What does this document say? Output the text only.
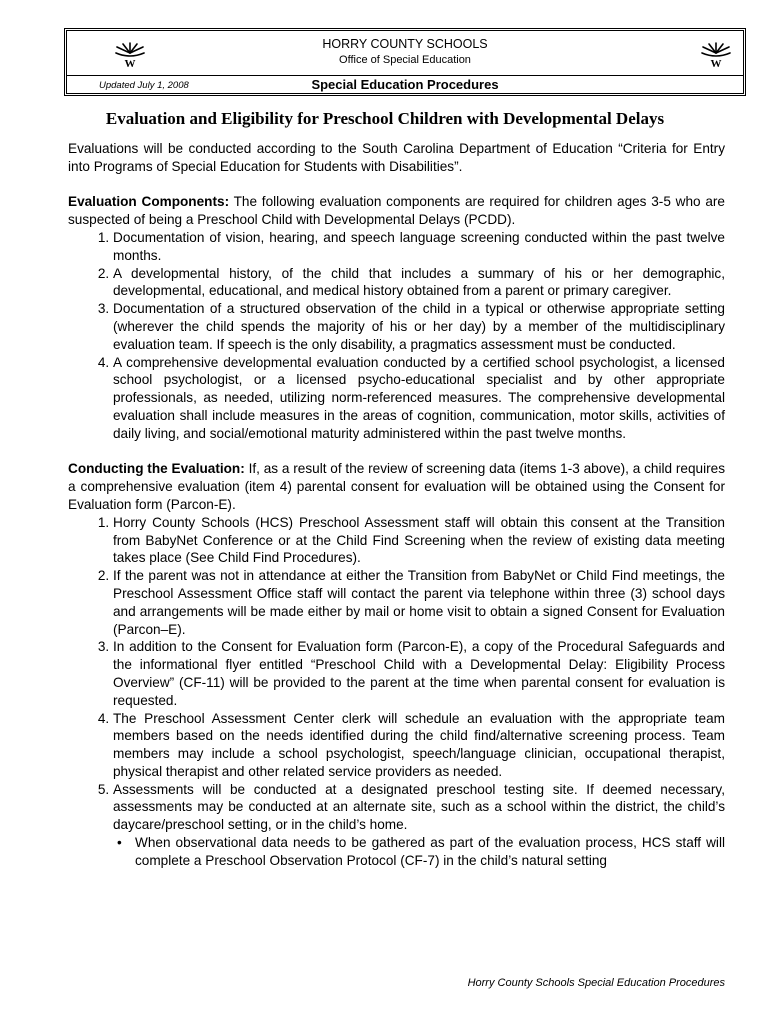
W	W
HORRY COUNTY SCHOOLS
Office of Special Education
Updated July 1, 2008	Special Education Procedures
Evaluation and Eligibility for Preschool Children with Developmental Delays

Evaluations will be conducted according to the South Carolina Department of Education “Criteria for Entry into Programs of Special Education for Students with Disabilities”.

Evaluation Components: The following evaluation components are required for children ages 3-5 who are suspected of being a Preschool Child with Developmental Delays (PCDD).

1. Documentation of vision, hearing, and speech language screening conducted within the past twelve months.
2. A developmental history, of the child that includes a summary of his or her demographic, developmental, educational, and medical history obtained from a parent or primary caregiver.
3. Documentation of a structured observation of the child in a typical or otherwise appropriate setting (wherever the child spends the majority of his or her day) by a member of the multidisciplinary evaluation team. If speech is the only disability, a pragmatics assessment must be conducted.
4. A comprehensive developmental evaluation conducted by a certified school psychologist, a licensed school psychologist, or a licensed psycho-educational specialist and by other appropriate professionals, as needed, utilizing norm-referenced measures. The comprehensive developmental evaluation shall include measures in the areas of cognition, communication, motor skills, activities of daily living, and social/emotional maturity administered within the past twelve months.

Conducting the Evaluation: If, as a result of the review of screening data (items 1-3 above), a child requires a comprehensive evaluation (item 4) parental consent for evaluation will be obtained using the Consent for Evaluation form (Parcon-E).

1. Horry County Schools (HCS) Preschool Assessment staff will obtain this consent at the Transition from BabyNet Conference or at the Child Find Screening when the review of existing data meeting takes place (See Child Find Procedures).
2. If the parent was not in attendance at either the Transition from BabyNet or Child Find meetings, the Preschool Assessment Office staff will contact the parent via telephone within three (3) school days and arrangements will be made either by mail or home visit to obtain a signed Consent for Evaluation (Parcon–E).
3. In addition to the Consent for Evaluation form (Parcon-E), a copy of the Procedural Safeguards and the informational flyer entitled “Preschool Child with a Developmental Delay: Eligibility Process Overview” (CF-11) will be provided to the parent at the time when parental consent for evaluation is requested.
4. The Preschool Assessment Center clerk will schedule an evaluation with the appropriate team members based on the needs identified during the child find/alternative screening process. Team members may include a school psychologist, speech/language clinician, occupational therapist, physical therapist and other related service providers as needed.
5. Assessments will be conducted at a designated preschool testing site. If deemed necessary, assessments may be conducted at an alternate site, such as a school within the district, the child’s daycare/preschool setting, or in the child’s home.
• When observational data needs to be gathered as part of the evaluation process, HCS staff will complete a Preschool Observation Protocol (CF-7) in the child’s natural setting
Horry County Schools Special Education Procedures
